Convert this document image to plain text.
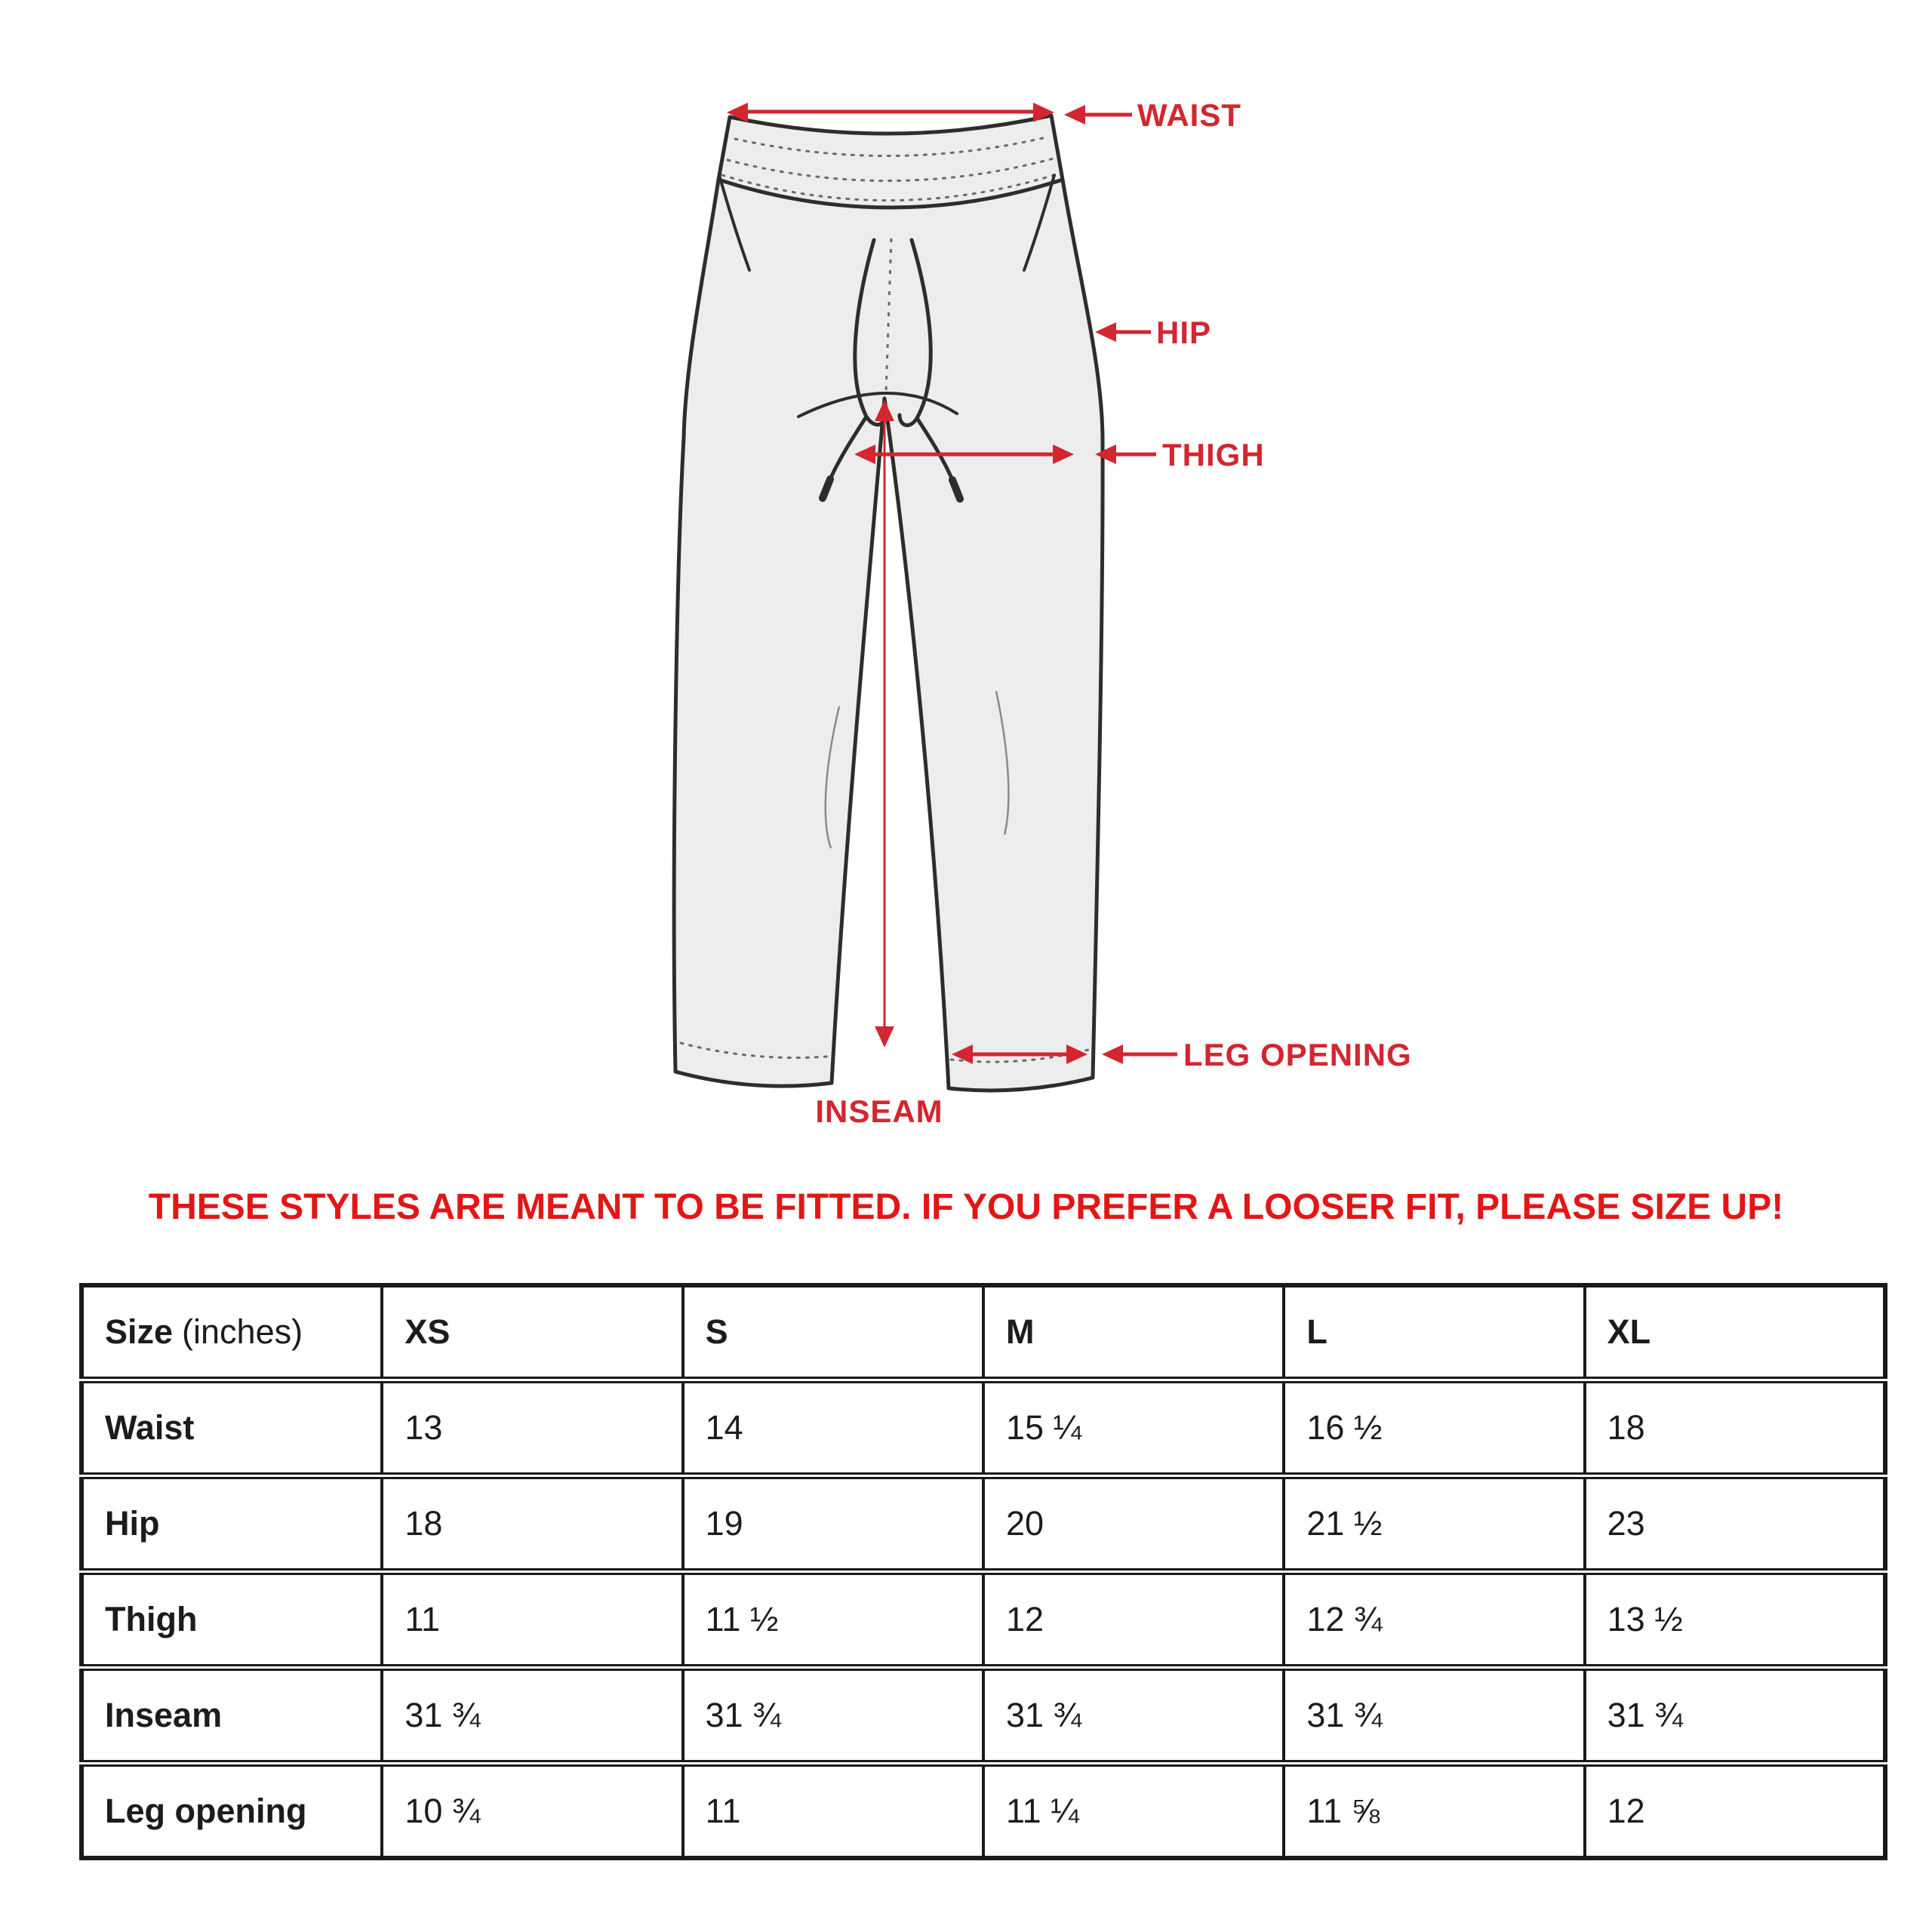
WAIST
HIP
THIGH
INSEAM
LEG OPENING
THESE STYLES ARE MEANT TO BE FITTED. IF YOU PREFER A LOOSER FIT, PLEASE SIZE UP!
Size (inches)	XS	S	M	L	XL
Waist	13	14	15 ¼	16 ½	18
Hip	18	19	20	21 ½	23
Thigh	11	11 ½	12	12 ¾	13 ½
Inseam	31 ¾	31 ¾	31 ¾	31 ¾	31 ¾
Leg opening	10 ¾	11	11 ¼	11 ⅝	12
